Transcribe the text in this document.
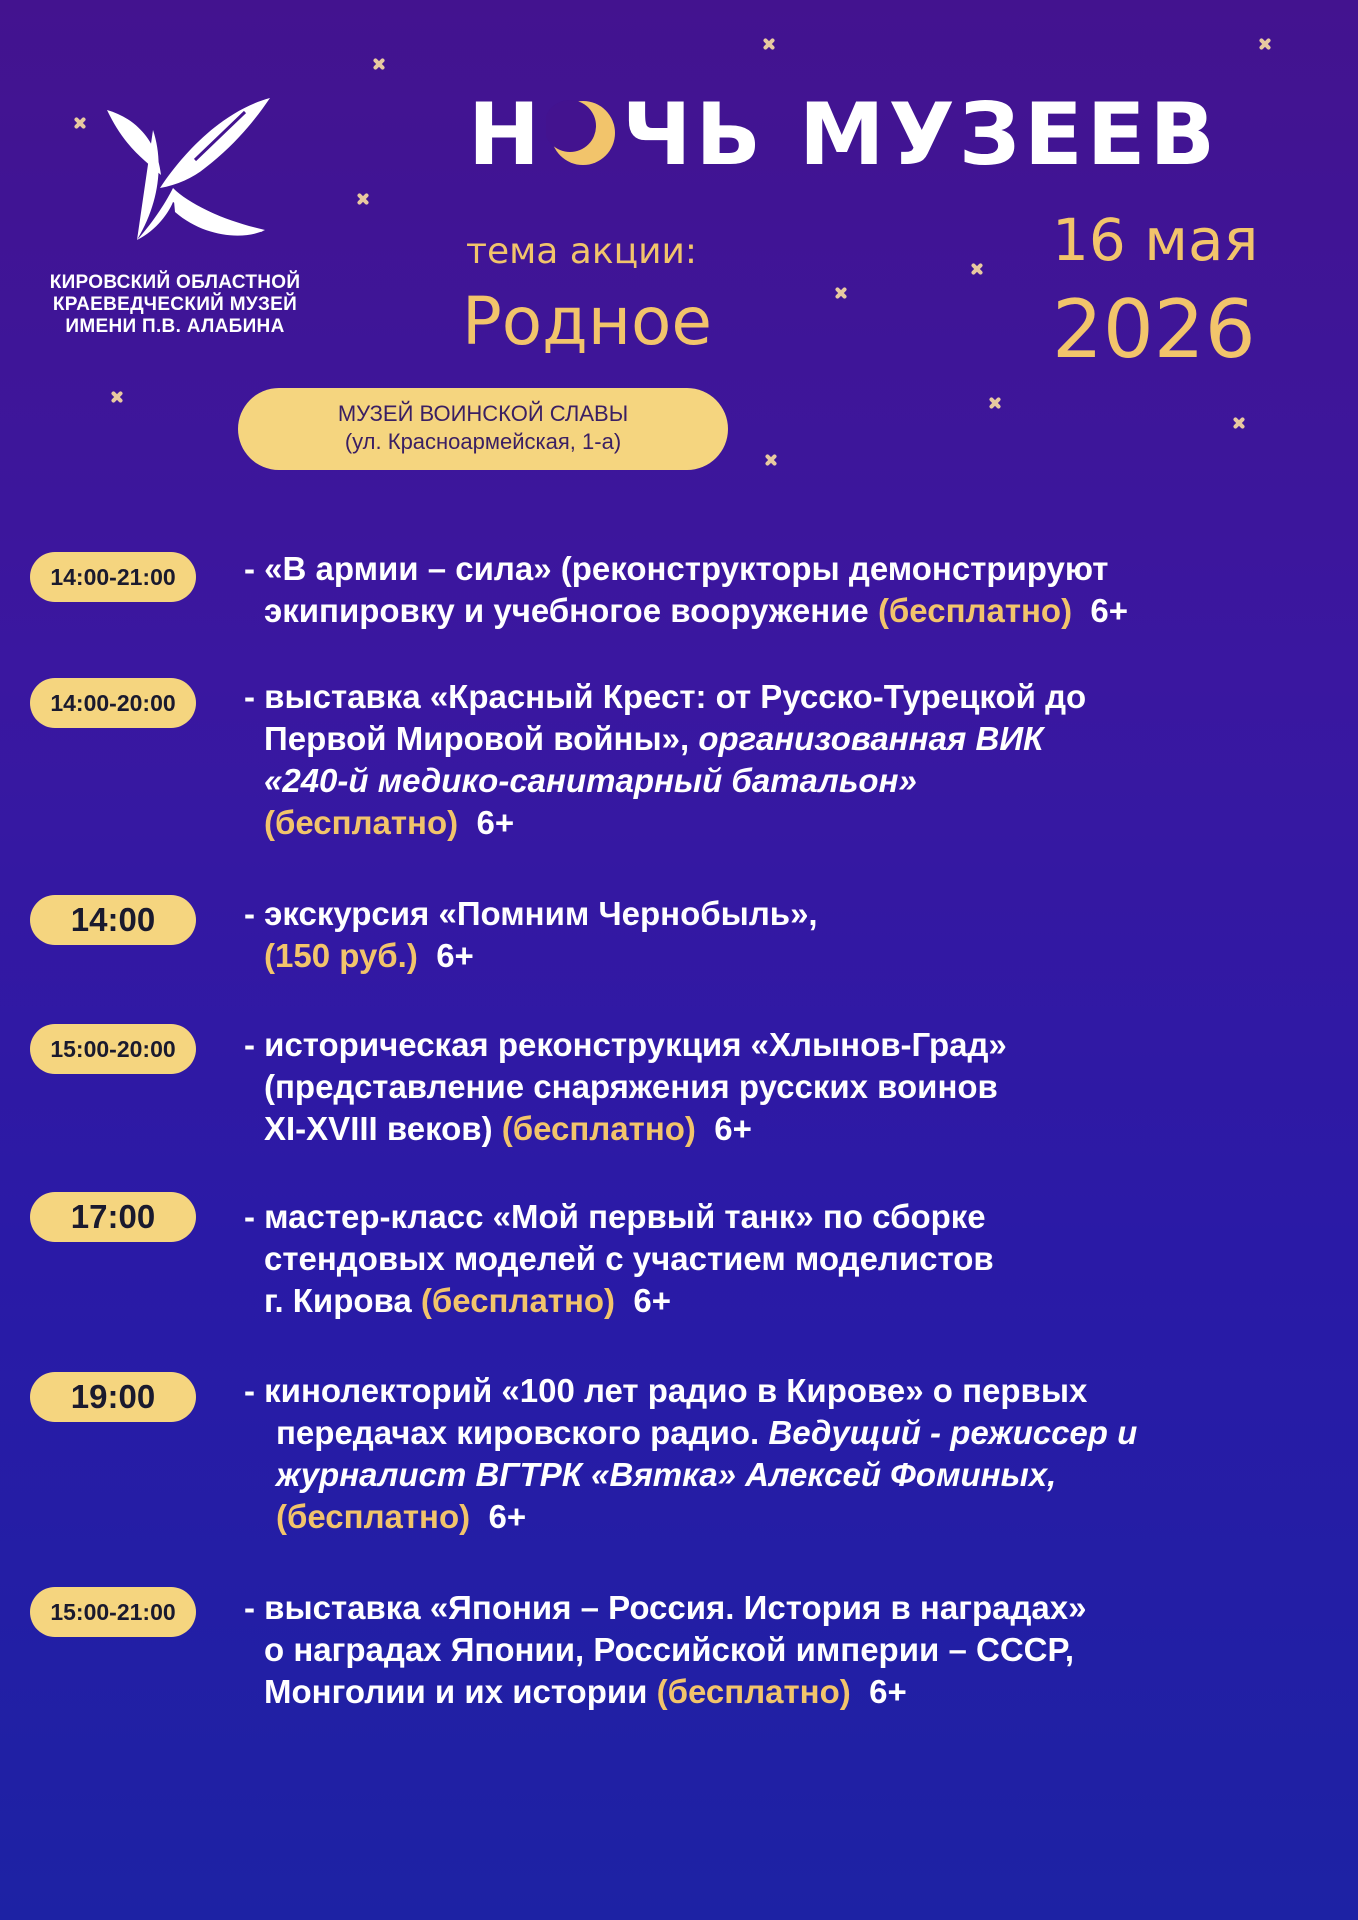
КИРОВСКИЙ ОБЛАСТНОЙ
КРАЕВЕДЧЕСКИЙ МУЗЕЙ
ИМЕНИ П.В. АЛАБИНА
Н ЧЬ МУЗЕЕВ
тема акции:
Родное
16 мая
2026
МУЗЕЙ ВОИНСКОЙ СЛАВЫ
(ул. Красноармейская, 1-а)
14:00-21:00	- «В армии – сила» (реконструкторы демонстрируют
экипировку и учебногое вооружение (бесплатно) 6+
14:00-20:00	- выставка «Красный Крест: от Русско-Турецкой до
Первой Мировой войны», организованная ВИК
«240-й медико-санитарный батальон»
(бесплатно) 6+
14:00	- экскурсия «Помним Чернобыль»,
(150 руб.) 6+
15:00-20:00	- историческая реконструкция «Хлынов-Град»
(представление снаряжения русских воинов
XI-XVIII веков) (бесплатно) 6+
17:00	- мастер-класс «Мой первый танк» по сборке
стендовых моделей с участием моделистов
г. Кирова (бесплатно) 6+
19:00	- кинолекторий «100 лет радио в Кирове» о первых
передачах кировского радио. Ведущий - режиссер и
журналист ВГТРК «Вятка» Алексей Фоминых,
(бесплатно) 6+
15:00-21:00	- выставка «Япония – Россия. История в наградах»
о наградах Японии, Российской империи – СССР,
Монголии и их истории (бесплатно) 6+
